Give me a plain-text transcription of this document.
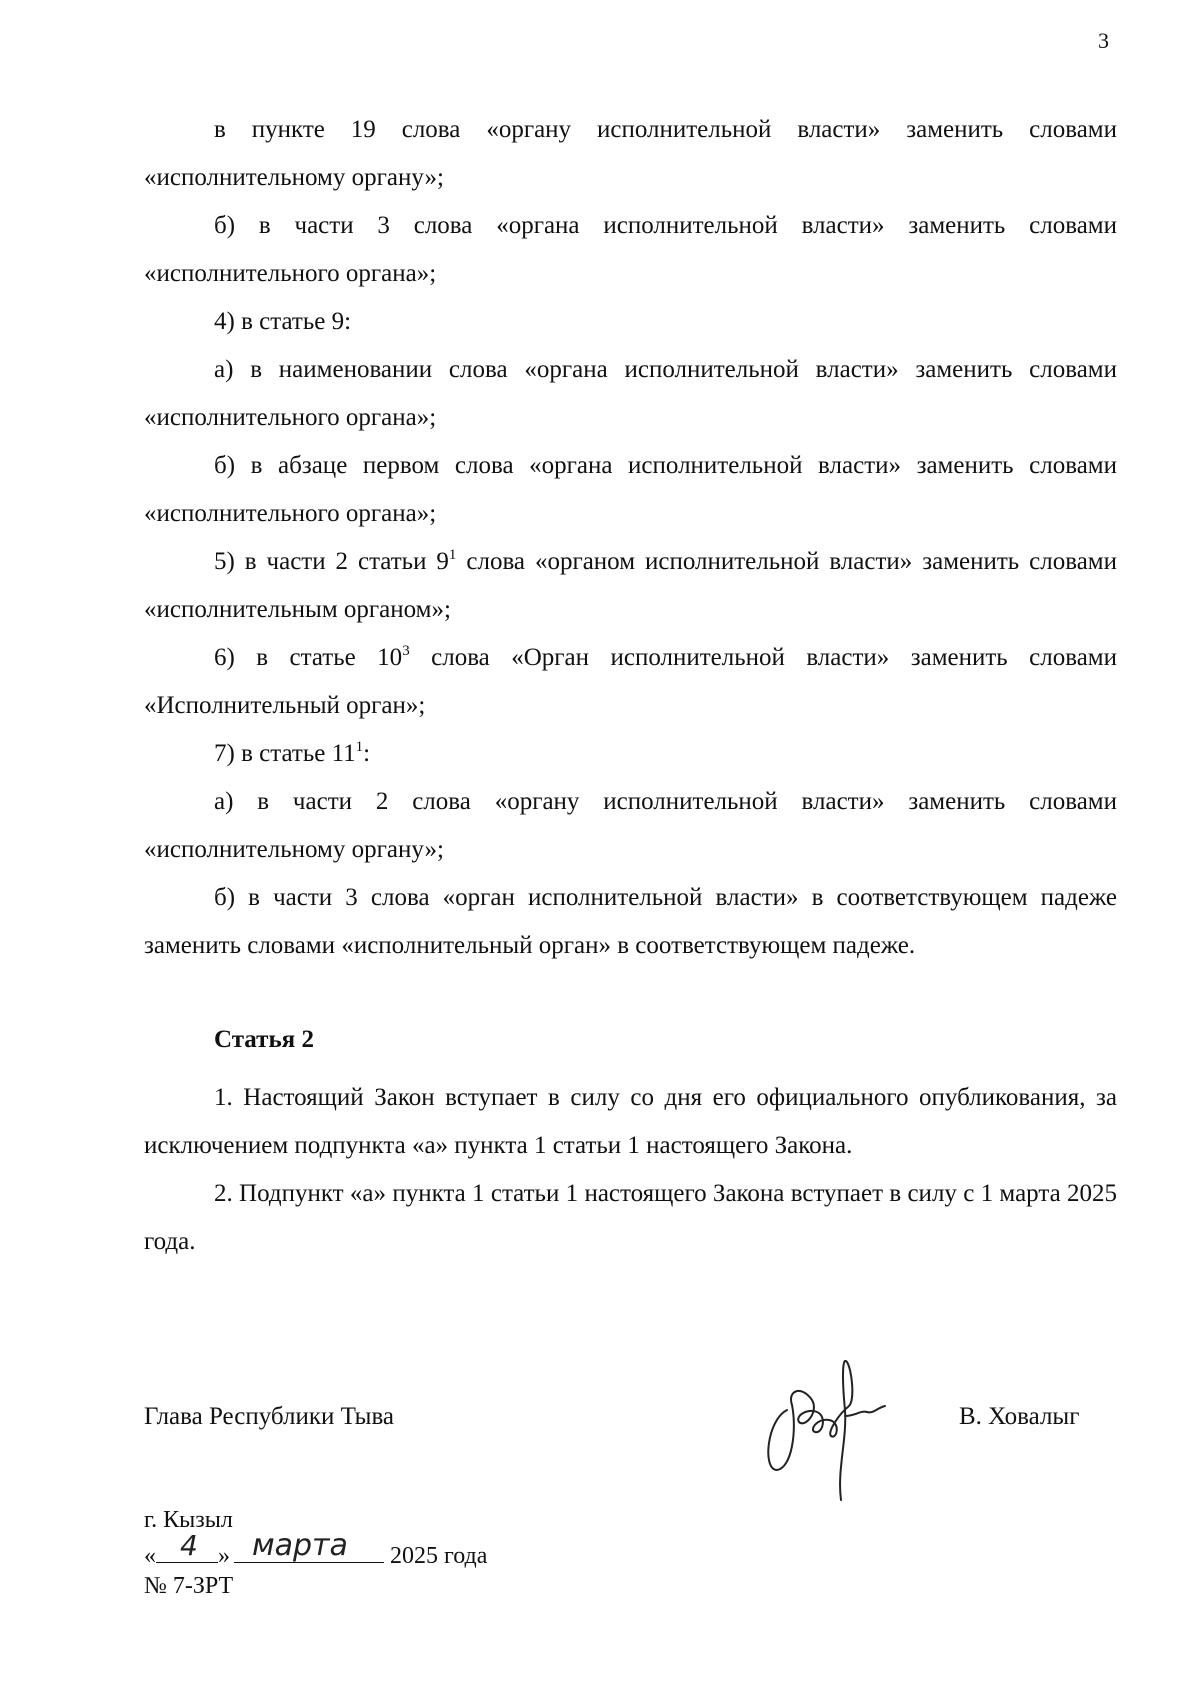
3

в пункте 19 слова «органу исполнительной власти» заменить словами «исполнительному органу»;

б) в части 3 слова «органа исполнительной власти» заменить словами «исполнительного органа»;

4) в статье 9:

а) в наименовании слова «органа исполнительной власти» заменить словами «исполнительного органа»;

б) в абзаце первом слова «органа исполнительной власти» заменить словами «исполнительного органа»;

5) в части 2 статьи $9^1$ слова «органом исполнительной власти» заменить словами «исполнительным органом»;

6) в статье $10^3$ слова «Орган исполнительной власти» заменить словами «Исполнительный орган»;

7) в статье $11^1$:

а) в части 2 слова «органу исполнительной власти» заменить словами «исполнительному органу»;

б) в части 3 слова «орган исполнительной власти» в соответствующем падеже заменить словами «исполнительный орган» в соответствующем падеже.

Статья 2

1. Настоящий Закон вступает в силу со дня его официального опубликования, за исключением подпункта «а» пункта 1 статьи 1 настоящего Закона.

2. Подпункт «а» пункта 1 статьи 1 настоящего Закона вступает в силу с 1 марта 2025 года.

Глава Республики Тыва	В. Ховалыг
г. Кызыл
« 4 » марта 2025 года
№ 7-ЗРТ
